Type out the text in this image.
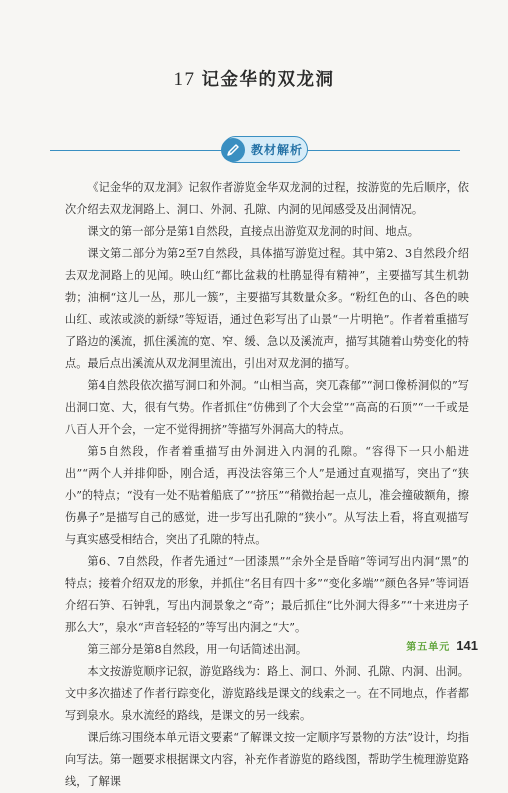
17 记金华的双龙洞
教材解析

《记金华的双龙洞》记叙作者游览金华双龙洞的过程，按游览的先后顺序，依次介绍去双龙洞路上、洞口、外洞、孔隙、内洞的见闻感受及出洞情况。

课文的第一部分是第1自然段，直接点出游览双龙洞的时间、地点。

课文第二部分为第2至7自然段，具体描写游览过程。其中第2、3自然段介绍去双龙洞路上的见闻。映山红“都比盆栽的杜鹃显得有精神”，主要描写其生机勃勃；油桐“这儿一丛，那儿一簇”，主要描写其数量众多。“粉红色的山、各色的映山红、或浓或淡的新绿”等短语，通过色彩写出了山景“一片明艳”。作者着重描写了路边的溪流，抓住溪流的宽、窄、缓、急以及溪流声，描写其随着山势变化的特点。最后点出溪流从双龙洞里流出，引出对双龙洞的描写。

第4自然段依次描写洞口和外洞。“山相当高，突兀森郁”“洞口像桥洞似的”写出洞口宽、大，很有气势。作者抓住“仿佛到了个大会堂”“高高的石顶”“一千或是八百人开个会，一定不觉得拥挤”等描写外洞高大的特点。

第5自然段，作者着重描写由外洞进入内洞的孔隙。“容得下一只小船进出”“两个人并排仰卧，刚合适，再没法容第三个人”是通过直观描写，突出了“狭小”的特点；“没有一处不贴着船底了”“挤压”“稍微抬起一点儿，准会撞破额角，擦伤鼻子”是描写自己的感觉，进一步写出孔隙的“狭小”。从写法上看，将直观描写与真实感受相结合，突出了孔隙的特点。

第6、7自然段，作者先通过“一团漆黑”“余外全是昏暗”等词写出内洞“黑”的特点；接着介绍双龙的形象，并抓住“名目有四十多”“变化多端”“颜色各异”等词语介绍石笋、石钟乳，写出内洞景象之“奇”；最后抓住“比外洞大得多”“十来进房子那么大”，泉水“声音轻轻的”等写出内洞之“大”。

第三部分是第8自然段，用一句话简述出洞。

本文按游览顺序记叙，游览路线为：路上、洞口、外洞、孔隙、内洞、出洞。文中多次描述了作者行踪变化，游览路线是课文的线索之一。在不同地点，作者都写到泉水。泉水流经的路线，是课文的另一线索。

课后练习围绕本单元语文要素“了解课文按一定顺序写景物的方法”设计，均指向写法。第一题要求根据课文内容，补充作者游览的路线图，帮助学生梳理游览路线，了解课

第五单元 141
